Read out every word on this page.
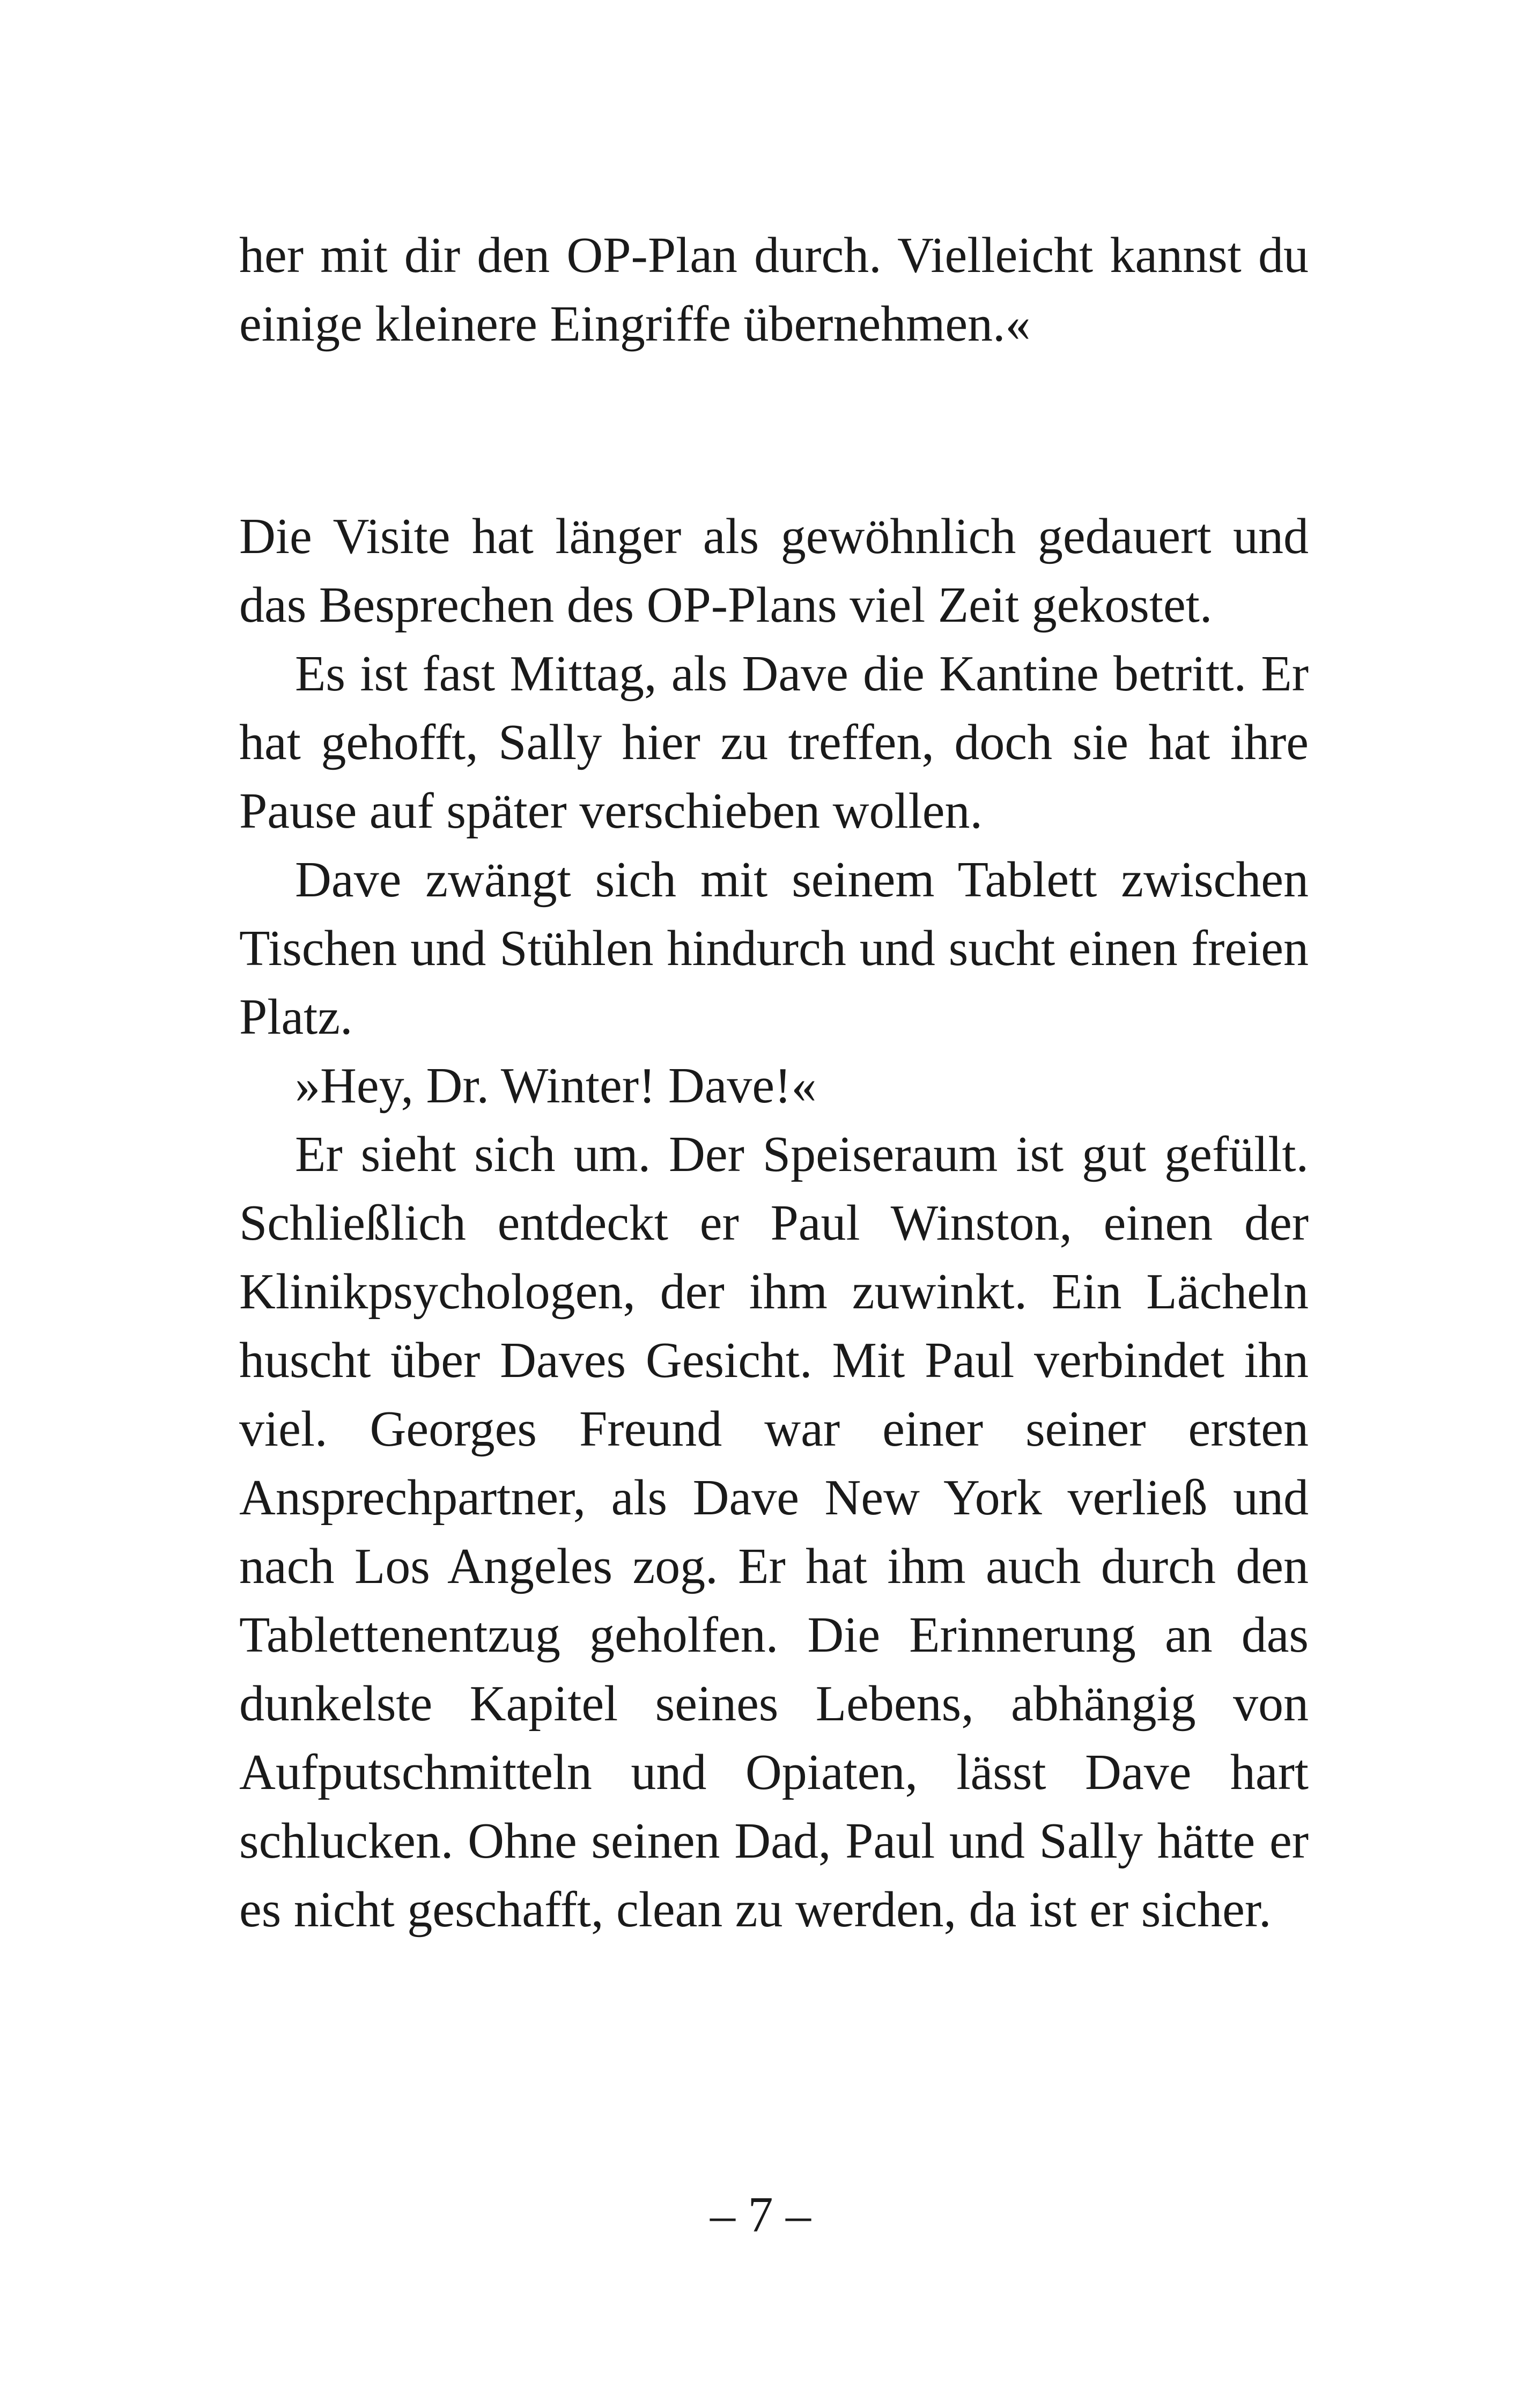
her mit dir den OP-Plan durch. Vielleicht kannst du einige kleinere Eingriffe übernehmen.«

Die Visite hat länger als gewöhnlich gedauert und das Besprechen des OP-Plans viel Zeit gekostet.

Es ist fast Mittag, als Dave die Kantine betritt. Er hat gehofft, Sally hier zu treffen, doch sie hat ihre Pause auf später verschieben wollen.

Dave zwängt sich mit seinem Tablett zwischen Tischen und Stühlen hindurch und sucht einen freien Platz.

»Hey, Dr. Winter! Dave!«

Er sieht sich um. Der Speiseraum ist gut gefüllt. Schließlich entdeckt er Paul Winston, einen der Klinikpsychologen, der ihm zuwinkt. Ein Lächeln huscht über Daves Gesicht. Mit Paul verbindet ihn viel. Georges Freund war einer seiner ersten Ansprechpartner, als Dave New York verließ und nach Los Angeles zog. Er hat ihm auch durch den Tablettenentzug geholfen. Die Erinnerung an das dunkelste Kapitel seines Lebens, abhängig von Aufputschmitteln und Opiaten, lässt Dave hart schlucken. Ohne seinen Dad, Paul und Sally hätte er es nicht geschafft, clean zu werden, da ist er sicher.

– 7 –
